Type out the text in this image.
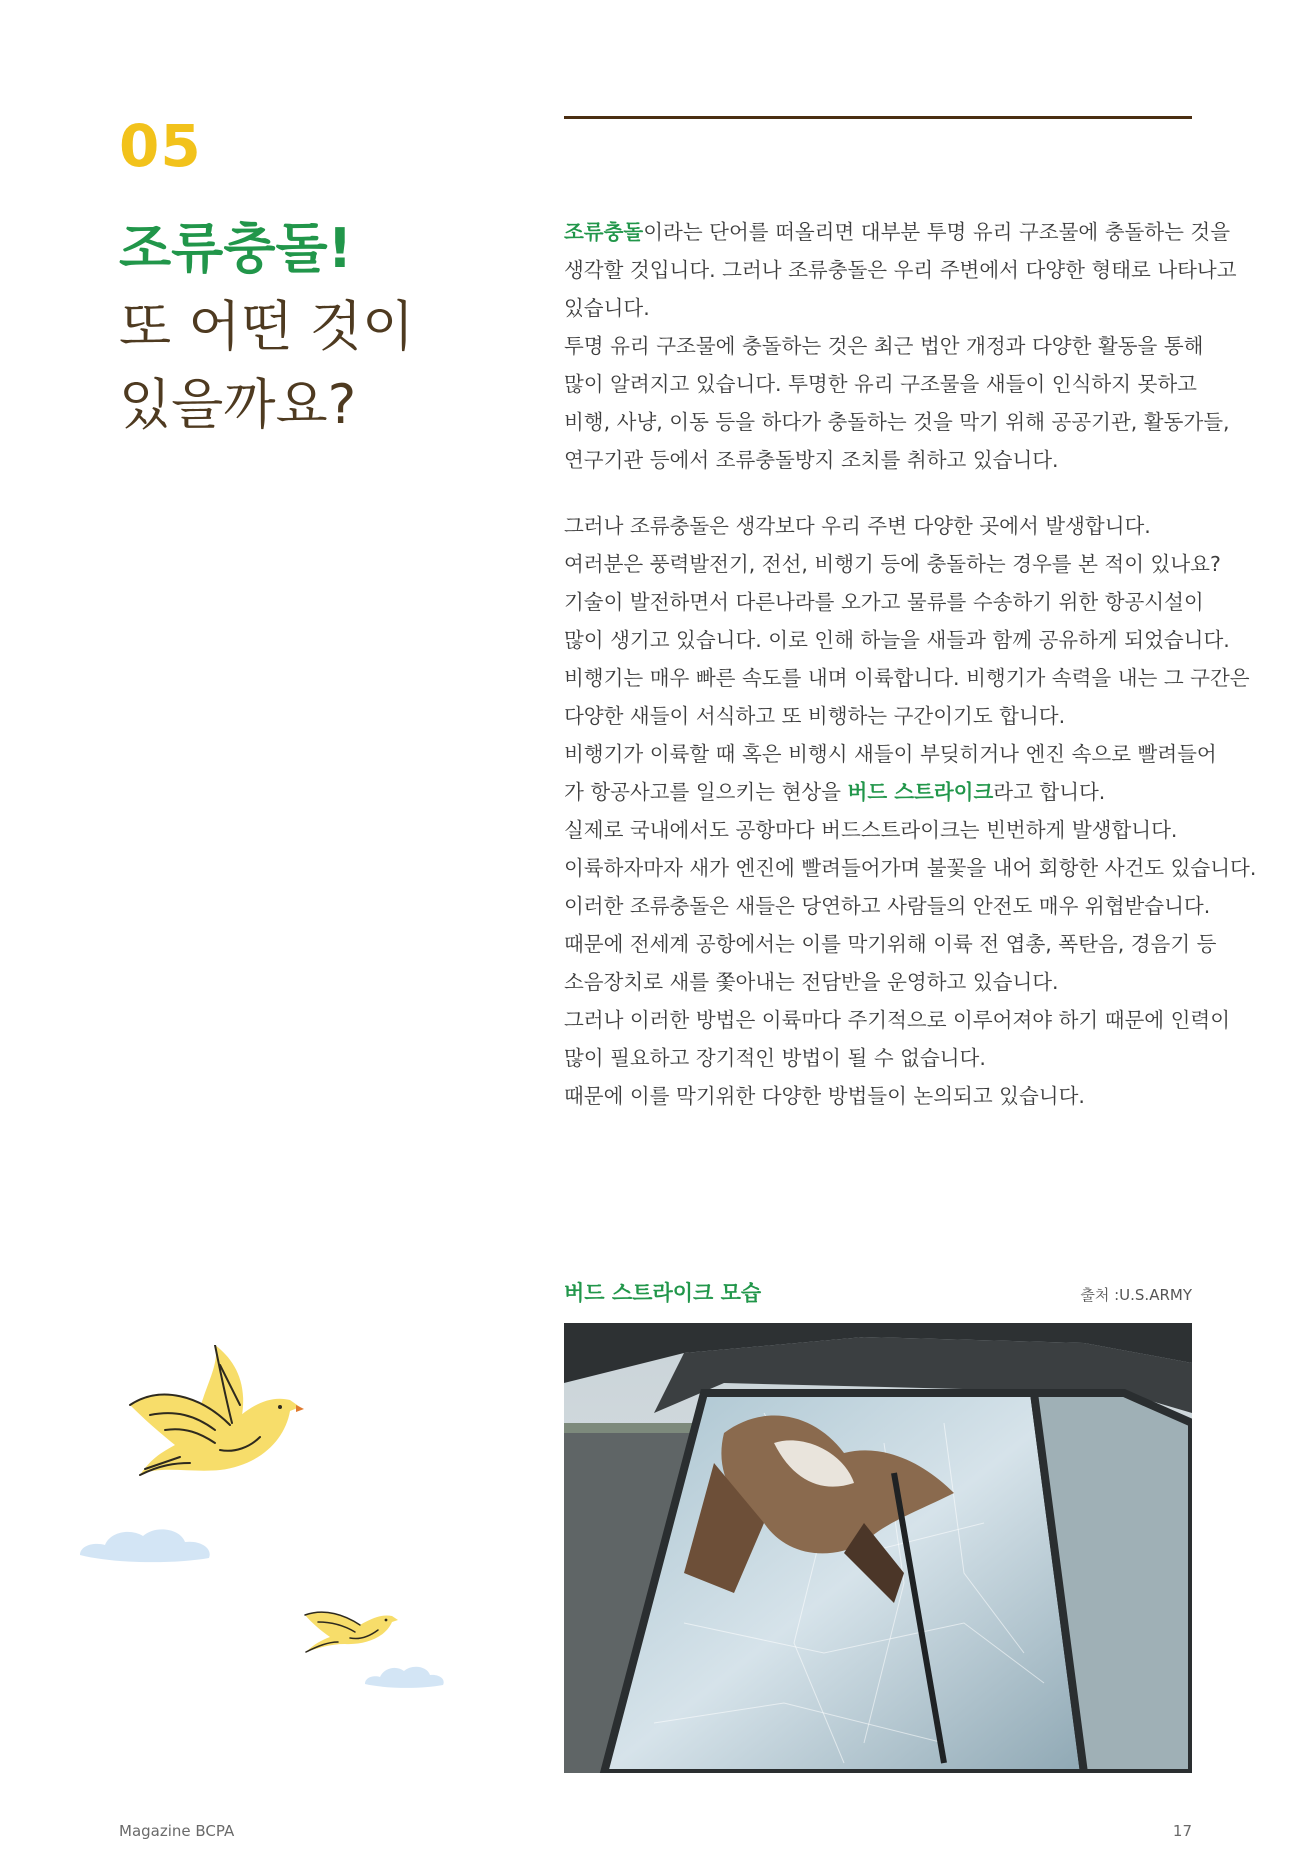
05
조류충돌!
또 어떤 것이
있을까요?
조류충돌이라는 단어를 떠올리면 대부분 투명 유리 구조물에 충돌하는 것을
생각할 것입니다. 그러나 조류충돌은 우리 주변에서 다양한 형태로 나타나고
있습니다.
투명 유리 구조물에 충돌하는 것은 최근 법안 개정과 다양한 활동을 통해
많이 알려지고 있습니다. 투명한 유리 구조물을 새들이 인식하지 못하고
비행, 사냥, 이동 등을 하다가 충돌하는 것을 막기 위해 공공기관, 활동가들,
연구기관 등에서 조류충돌방지 조치를 취하고 있습니다.
그러나 조류충돌은 생각보다 우리 주변 다양한 곳에서 발생합니다.
여러분은 풍력발전기, 전선, 비행기 등에 충돌하는 경우를 본 적이 있나요?
기술이 발전하면서 다른나라를 오가고 물류를 수송하기 위한 항공시설이
많이 생기고 있습니다. 이로 인해 하늘을 새들과 함께 공유하게 되었습니다.
비행기는 매우 빠른 속도를 내며 이륙합니다. 비행기가 속력을 내는 그 구간은
다양한 새들이 서식하고 또 비행하는 구간이기도 합니다.
비행기가 이륙할 때 혹은 비행시 새들이 부딪히거나 엔진 속으로 빨려들어
가 항공사고를 일으키는 현상을 버드 스트라이크라고 합니다.
실제로 국내에서도 공항마다 버드스트라이크는 빈번하게 발생합니다.
이륙하자마자 새가 엔진에 빨려들어가며 불꽃을 내어 회항한 사건도 있습니다.
이러한 조류충돌은 새들은 당연하고 사람들의 안전도 매우 위협받습니다.
때문에 전세계 공항에서는 이를 막기위해 이륙 전 엽총, 폭탄음, 경음기 등
소음장치로 새를 쫓아내는 전담반을 운영하고 있습니다.
그러나 이러한 방법은 이륙마다 주기적으로 이루어져야 하기 때문에 인력이
많이 필요하고 장기적인 방법이 될 수 없습니다.
때문에 이를 막기위한 다양한 방법들이 논의되고 있습니다.
버드 스트라이크 모습	출처 :U.S.ARMY
Magazine BCPA	17
